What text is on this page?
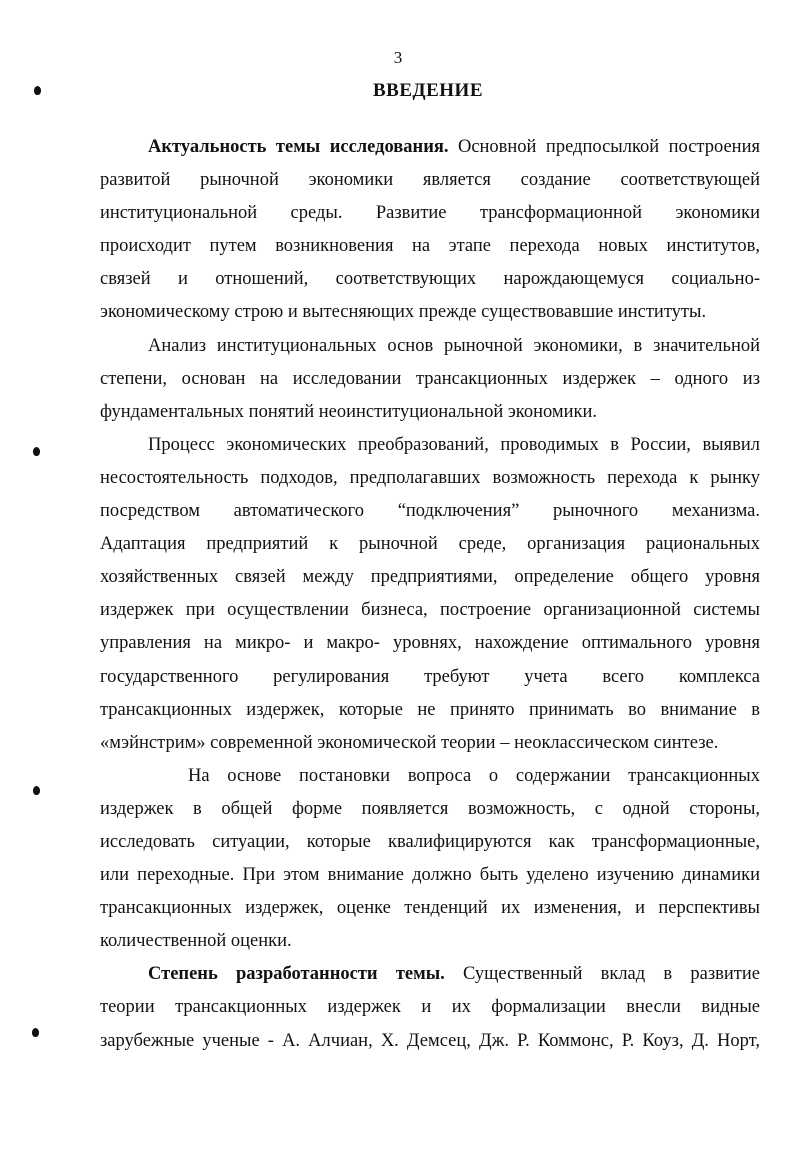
3
ВВЕДЕНИЕ
Актуальность темы исследования. Основной предпосылкой построения
развитой рыночной экономики является создание соответствующей
институциональной среды. Развитие трансформационной экономики
происходит путем возникновения на этапе перехода новых институтов,
связей и отношений, соответствующих нарождающемуся социально-
экономическому строю и вытесняющих прежде существовавшие институты.
Анализ институциональных основ рыночной экономики, в значительной
степени, основан на исследовании трансакционных издержек – одного из
фундаментальных понятий неоинституциональной экономики.
Процесс экономических преобразований, проводимых в России, выявил
несостоятельность подходов, предполагавших возможность перехода к рынку
посредством автоматического “подключения” рыночного механизма.
Адаптация предприятий к рыночной среде, организация рациональных
хозяйственных связей между предприятиями, определение общего уровня
издержек при осуществлении бизнеса, построение организационной системы
управления на микро- и макро- уровнях, нахождение оптимального уровня
государственного регулирования требуют учета всего комплекса
трансакционных издержек, которые не принято принимать во внимание в
«мэйнстрим» современной экономической теории – неоклассическом синтезе.
На основе постановки вопроса о содержании трансакционных
издержек в общей форме появляется возможность, с одной стороны,
исследовать ситуации, которые квалифицируются как трансформационные,
или переходные. При этом внимание должно быть уделено изучению динамики
трансакционных издержек, оценке тенденций их изменения, и перспективы
количественной оценки.
Степень разработанности темы. Существенный вклад в развитие
теории трансакционных издержек и их формализации внесли видные
зарубежные ученые - А. Алчиан, Х. Демсец, Дж. Р. Коммонс, Р. Коуз, Д. Норт,
